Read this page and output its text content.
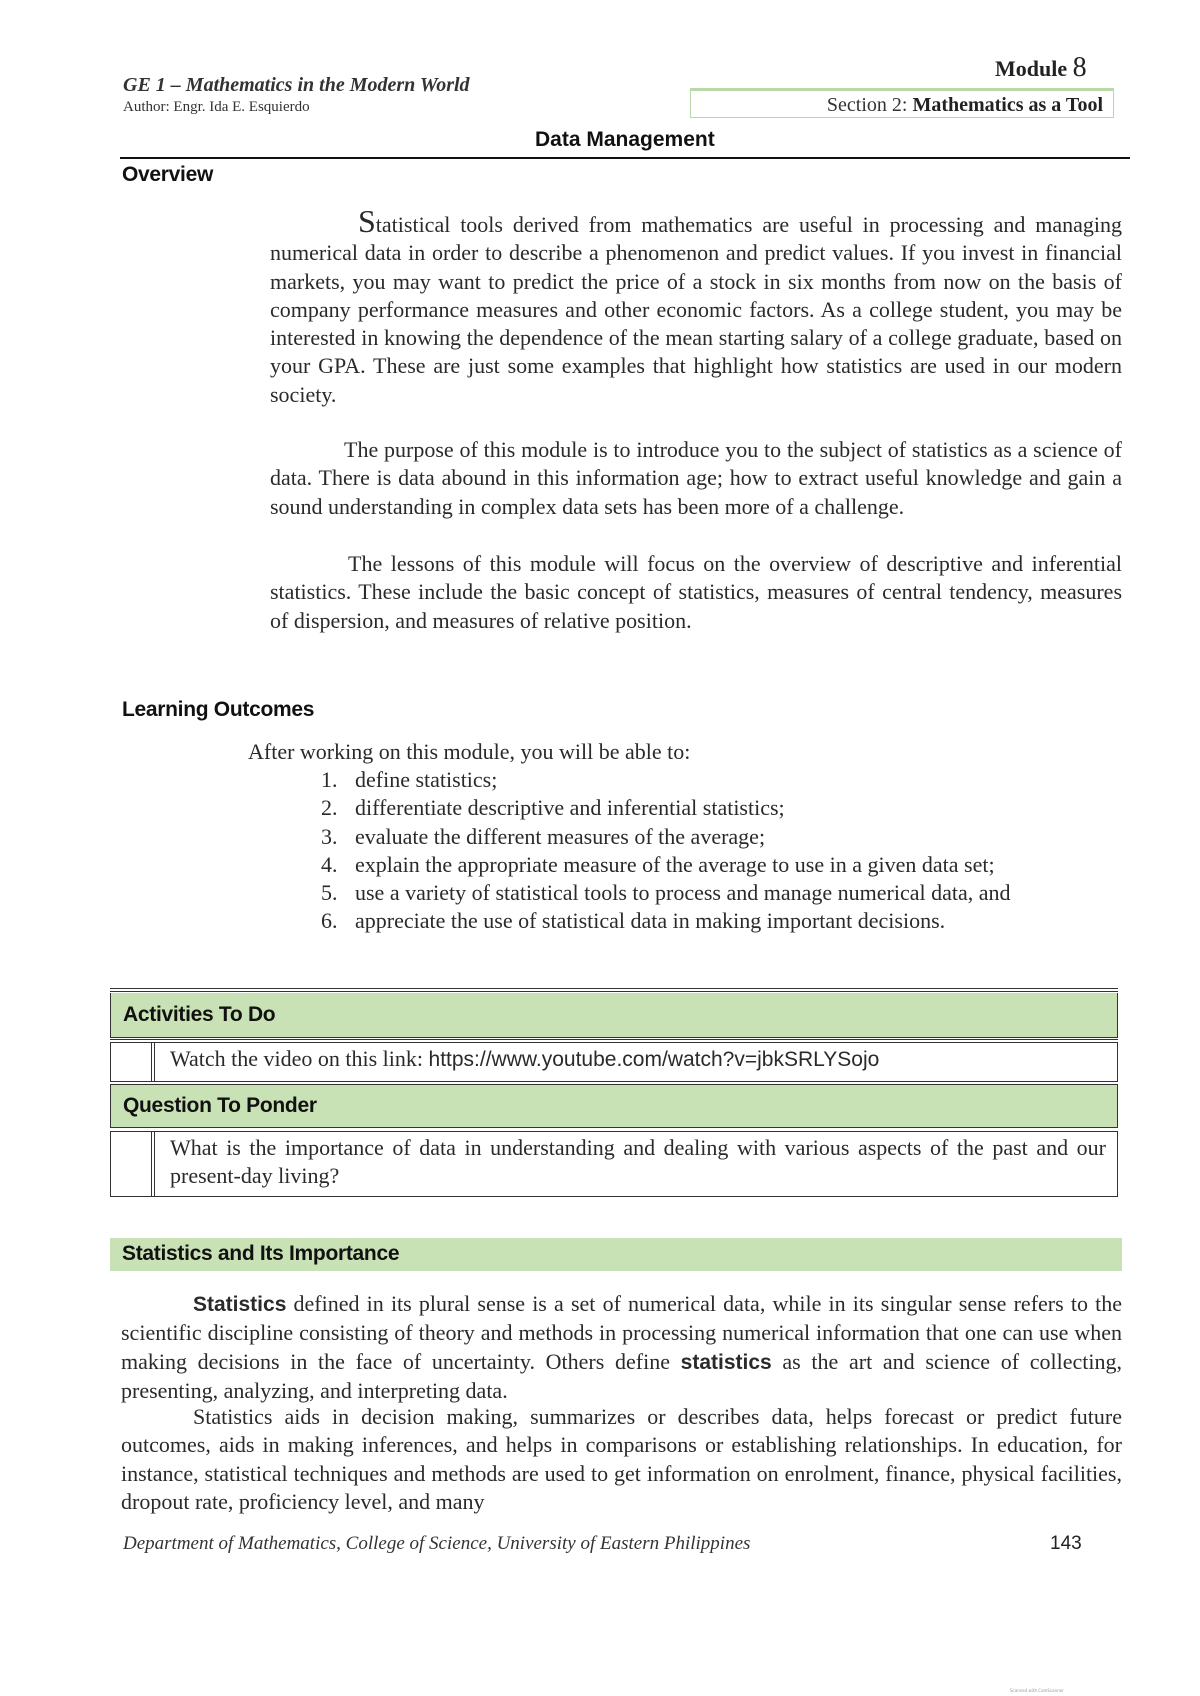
GE 1 – Mathematics in the Modern World
Author: Engr. Ida E. Esquierdo
Module 8
Section 2: Mathematics as a Tool
Data Management
Overview
Statistical tools derived from mathematics are useful in processing and managing numerical data in order to describe a phenomenon and predict values. If you invest in financial markets, you may want to predict the price of a stock in six months from now on the basis of company performance measures and other economic factors. As a college student, you may be interested in knowing the dependence of the mean starting salary of a college graduate, based on your GPA. These are just some examples that highlight how statistics are used in our modern society.
The purpose of this module is to introduce you to the subject of statistics as a science of data. There is data abound in this information age; how to extract useful knowledge and gain a sound understanding in complex data sets has been more of a challenge.
The lessons of this module will focus on the overview of descriptive and inferential statistics. These include the basic concept of statistics, measures of central tendency, measures of dispersion, and measures of relative position.
Learning Outcomes
After working on this module, you will be able to:
1. define statistics;
2. differentiate descriptive and inferential statistics;
3. evaluate the different measures of the average;
4. explain the appropriate measure of the average to use in a given data set;
5. use a variety of statistical tools to process and manage numerical data, and
6. appreciate the use of statistical data in making important decisions.
Activities To Do
Watch the video on this link: https://www.youtube.com/watch?v=jbkSRLYSojo
Question To Ponder
What is the importance of data in understanding and dealing with various aspects of the past and our present-day living?
Statistics and Its Importance
Statistics defined in its plural sense is a set of numerical data, while in its singular sense refers to the scientific discipline consisting of theory and methods in processing numerical information that one can use when making decisions in the face of uncertainty. Others define statistics as the art and science of collecting, presenting, analyzing, and interpreting data.
Statistics aids in decision making, summarizes or describes data, helps forecast or predict future outcomes, aids in making inferences, and helps in comparisons or establishing relationships. In education, for instance, statistical techniques and methods are used to get information on enrolment, finance, physical facilities, dropout rate, proficiency level, and many
Department of Mathematics, College of Science, University of Eastern Philippines	143
Scanned with CamScanner
